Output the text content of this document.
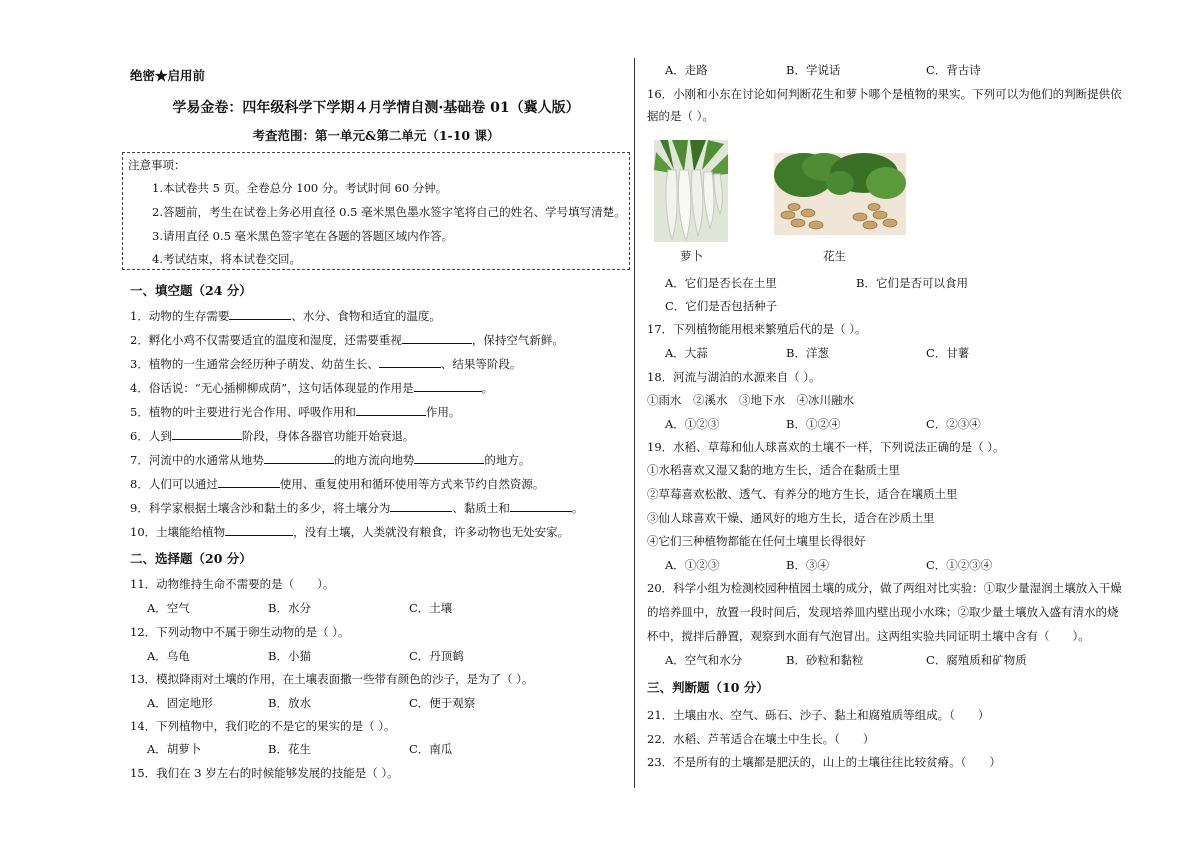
绝密★启用前
学易金卷：四年级科学下学期４月学情自测·基础卷 01（冀人版）
考查范围：第一单元&第二单元（1-10 课）
注意事项：
1.本试卷共 5 页。全卷总分 100 分。考试时间 60 分钟。
2.答题前，考生在试卷上务必用直径 0.5 毫米黑色墨水签字笔将自己的姓名、学号填写清楚。
3.请用直径 0.5 毫米黑色签字笔在各题的答题区域内作答。
4.考试结束，将本试卷交回。
一、填空题（24 分）
1．动物的生存需要	、水分、食物和适宜的温度。
2．孵化小鸡不仅需要适宜的温度和湿度，还需要重视	，保持空气新鲜。
3．植物的一生通常会经历种子萌发、幼苗生长、	、结果等阶段。
4．俗话说：“无心插柳柳成荫”，这句话体现显的作用是	。
5．植物的叶主要进行光合作用、呼吸作用和	作用。
6．人到	阶段，身体各器官功能开始衰退。
7．河流中的水通常从地势	的地方流向地势	的地方。
8．人们可以通过	使用、重复使用和循环使用等方式来节约自然资源。
9．科学家根据土壤含沙和黏土的多少，将土壤分为	、黏质土和	。
10．土壤能给植物	，没有土壤，人类就没有粮食，许多动物也无处安家。
二、选择题（20 分）
11．动物维持生命不需要的是（　　）。
A．空气	B．水分	C．土壤
12．下列动物中不属于卵生动物的是（ ）。
A．乌龟	B．小猫	C．丹顶鹤
13．模拟降雨对土壤的作用，在土壤表面撒一些带有颜色的沙子，是为了（ ）。
A．固定地形	B．放水	C．便于观察
14．下列植物中，我们吃的不是它的果实的是（ ）。
A．胡萝卜	B．花生	C．南瓜
15．我们在 3 岁左右的时候能够发展的技能是（ ）。
A．走路	B．学说话	C．背古诗
16．小刚和小东在讨论如何判断花生和萝卜哪个是植物的果实。下列可以为他们的判断提供依
据的是（ ）。
萝卜	花生
A．它们是否长在土里	B．它们是否可以食用
C．它们是否包括种子
17．下列植物能用根来繁殖后代的是（ ）。
A．大蒜	B．洋葱	C．甘薯
18．河流与湖泊的水源来自（ ）。
①雨水　②溪水　③地下水　④冰川融水
A．①②③	B．①②④	C．②③④
19．水稻、草莓和仙人球喜欢的土壤不一样，下列说法正确的是（ ）。
①水稻喜欢又湿又黏的地方生长，适合在黏质土里
②草莓喜欢松散、透气、有养分的地方生长，适合在壤质土里
③仙人球喜欢干燥、通风好的地方生长，适合在沙质土里
④它们三种植物都能在任何土壤里长得很好
A．①②③	B．③④	C．①②③④
20．科学小组为检测校园种植园土壤的成分，做了两组对比实验：①取少量湿润土壤放入干燥
的培养皿中，放置一段时间后，发现培养皿内壁出现小水珠；②取少量土壤放入盛有清水的烧
杯中，搅拌后静置，观察到水面有气泡冒出。这两组实验共同证明土壤中含有（　　）。
A．空气和水分	B．砂粒和黏粒	C．腐殖质和矿物质
三、判断题（10 分）
21．土壤由水、空气、砾石、沙子、黏土和腐殖质等组成。（　　）
22．水稻、芦苇适合在壤土中生长。（　　）
23．不是所有的土壤都是肥沃的，山上的土壤往往比较贫瘠。（　　）
